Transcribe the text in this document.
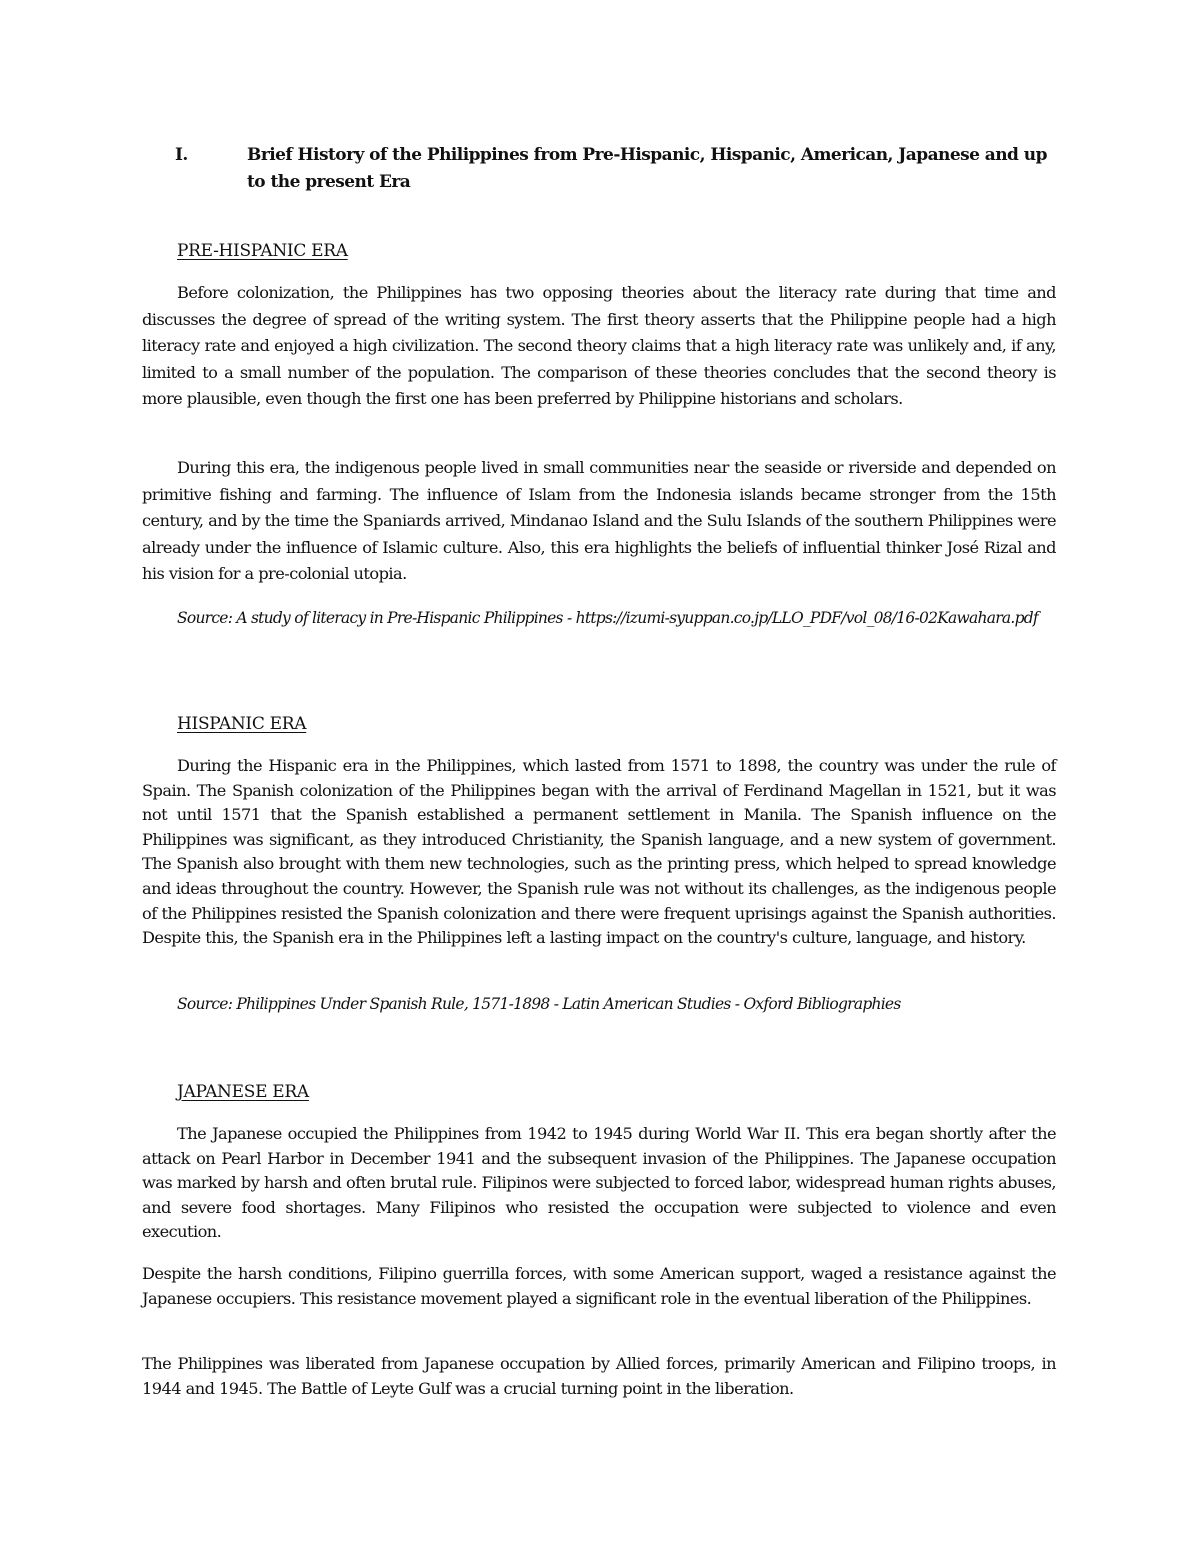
I.	Brief History of the Philippines from Pre-Hispanic, Hispanic, American, Japanese and up to the present Era
PRE-HISPANIC ERA

Before colonization, the Philippines has two opposing theories about the literacy rate during that time and discusses the degree of spread of the writing system. The first theory asserts that the Philippine people had a high literacy rate and enjoyed a high civilization. The second theory claims that a high literacy rate was unlikely and, if any, limited to a small number of the population. The comparison of these theories concludes that the second theory is more plausible, even though the first one has been preferred by Philippine historians and scholars.

During this era, the indigenous people lived in small communities near the seaside or riverside and depended on primitive fishing and farming. The influence of Islam from the Indonesia islands became stronger from the 15th century, and by the time the Spaniards arrived, Mindanao Island and the Sulu Islands of the southern Philippines were already under the influence of Islamic culture. Also, this era highlights the beliefs of influential thinker José Rizal and his vision for a pre-colonial utopia.

Source: A study of literacy in Pre-Hispanic Philippines - https://izumi-syuppan.co.jp/LLO_PDF/vol_08/16-02Kawahara.pdf

HISPANIC ERA

During the Hispanic era in the Philippines, which lasted from 1571 to 1898, the country was under the rule of Spain. The Spanish colonization of the Philippines began with the arrival of Ferdinand Magellan in 1521, but it was not until 1571 that the Spanish established a permanent settlement in Manila. The Spanish influence on the Philippines was significant, as they introduced Christianity, the Spanish language, and a new system of government. The Spanish also brought with them new technologies, such as the printing press, which helped to spread knowledge and ideas throughout the country. However, the Spanish rule was not without its challenges, as the indigenous people of the Philippines resisted the Spanish colonization and there were frequent uprisings against the Spanish authorities. Despite this, the Spanish era in the Philippines left a lasting impact on the country's culture, language, and history.

Source: Philippines Under Spanish Rule, 1571-1898 - Latin American Studies - Oxford Bibliographies

JAPANESE ERA

The Japanese occupied the Philippines from 1942 to 1945 during World War II. This era began shortly after the attack on Pearl Harbor in December 1941 and the subsequent invasion of the Philippines. The Japanese occupation was marked by harsh and often brutal rule. Filipinos were subjected to forced labor, widespread human rights abuses, and severe food shortages. Many Filipinos who resisted the occupation were subjected to violence and even execution.

Despite the harsh conditions, Filipino guerrilla forces, with some American support, waged a resistance against the Japanese occupiers. This resistance movement played a significant role in the eventual liberation of the Philippines.

The Philippines was liberated from Japanese occupation by Allied forces, primarily American and Filipino troops, in 1944 and 1945. The Battle of Leyte Gulf was a crucial turning point in the liberation.
